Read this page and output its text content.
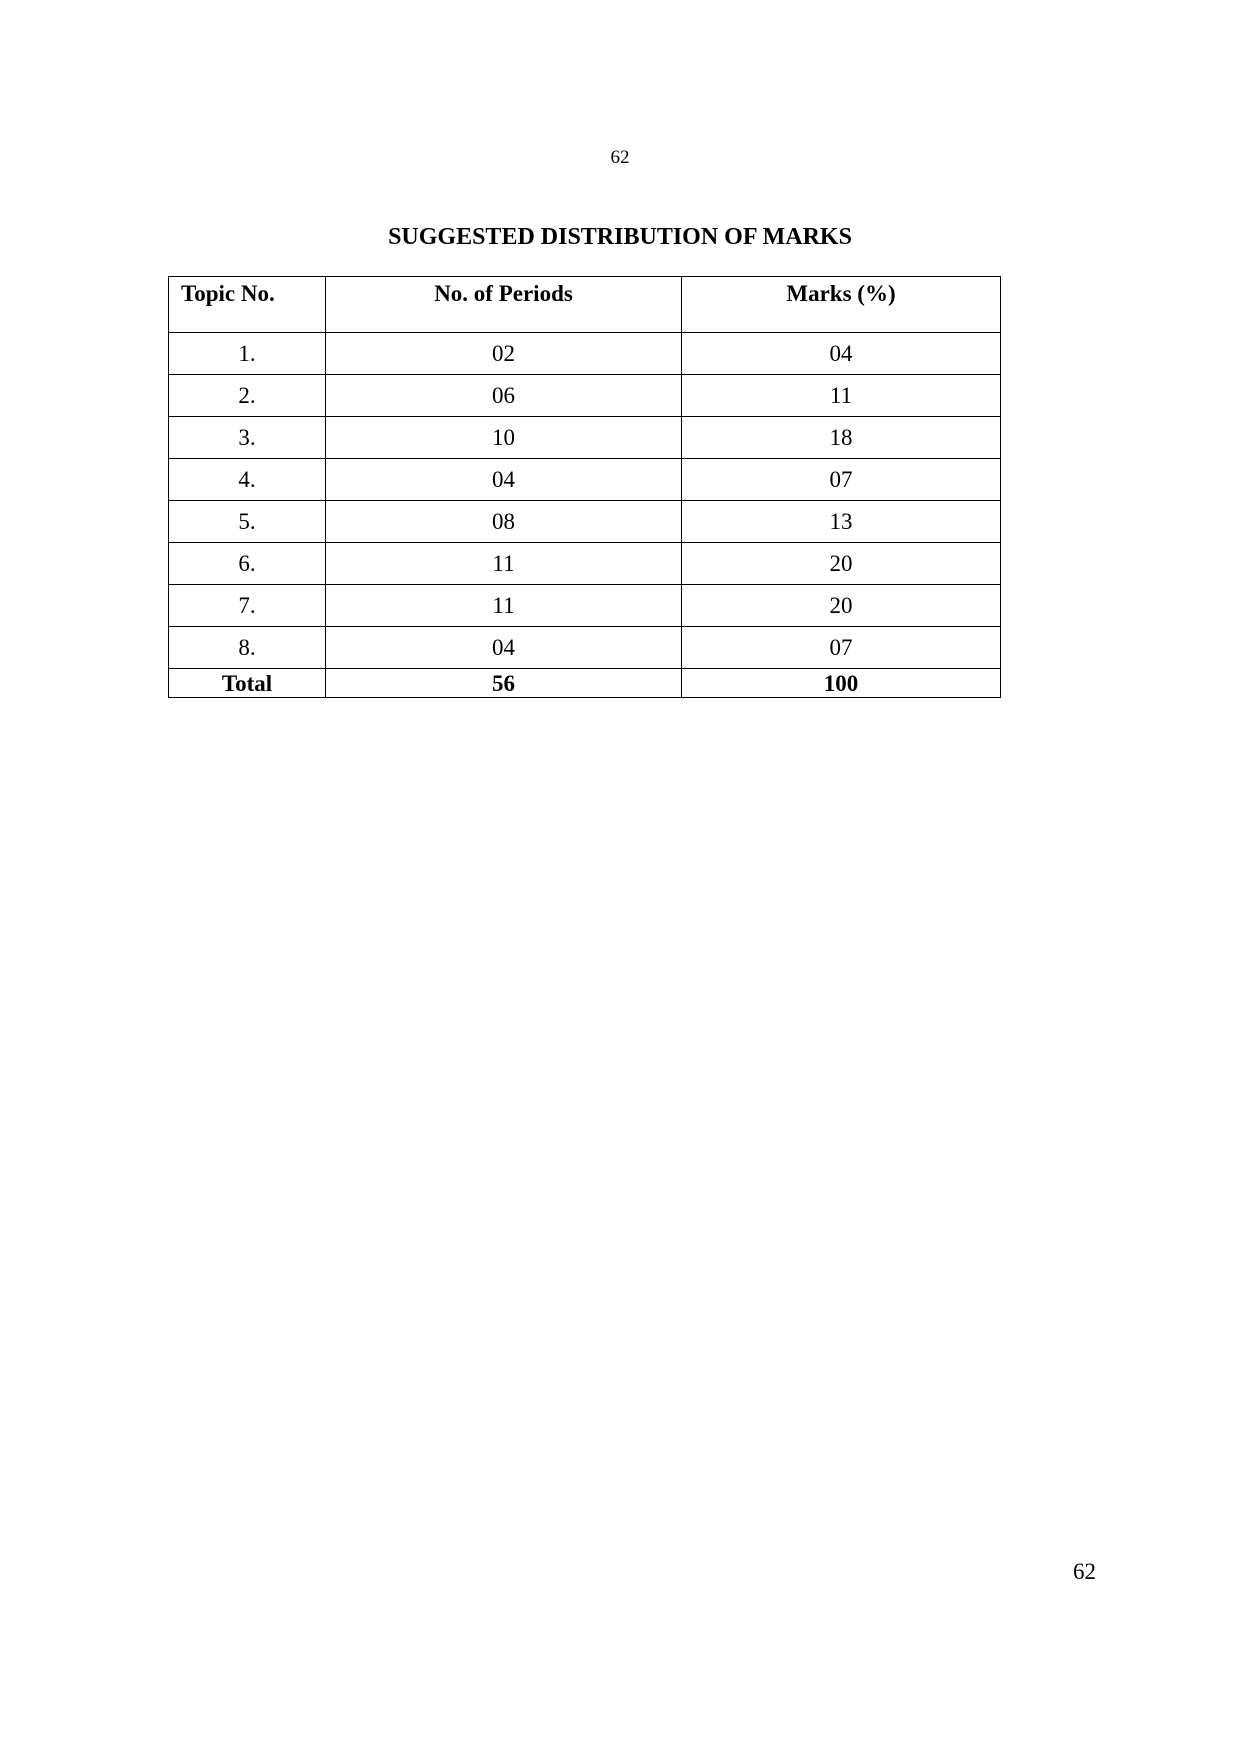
62
SUGGESTED DISTRIBUTION OF MARKS
Topic No.	No. of Periods	Marks (%)
1.	02	04
2.	06	11
3.	10	18
4.	04	07
5.	08	13
6.	11	20
7.	11	20
8.	04	07
Total	56	100
62
